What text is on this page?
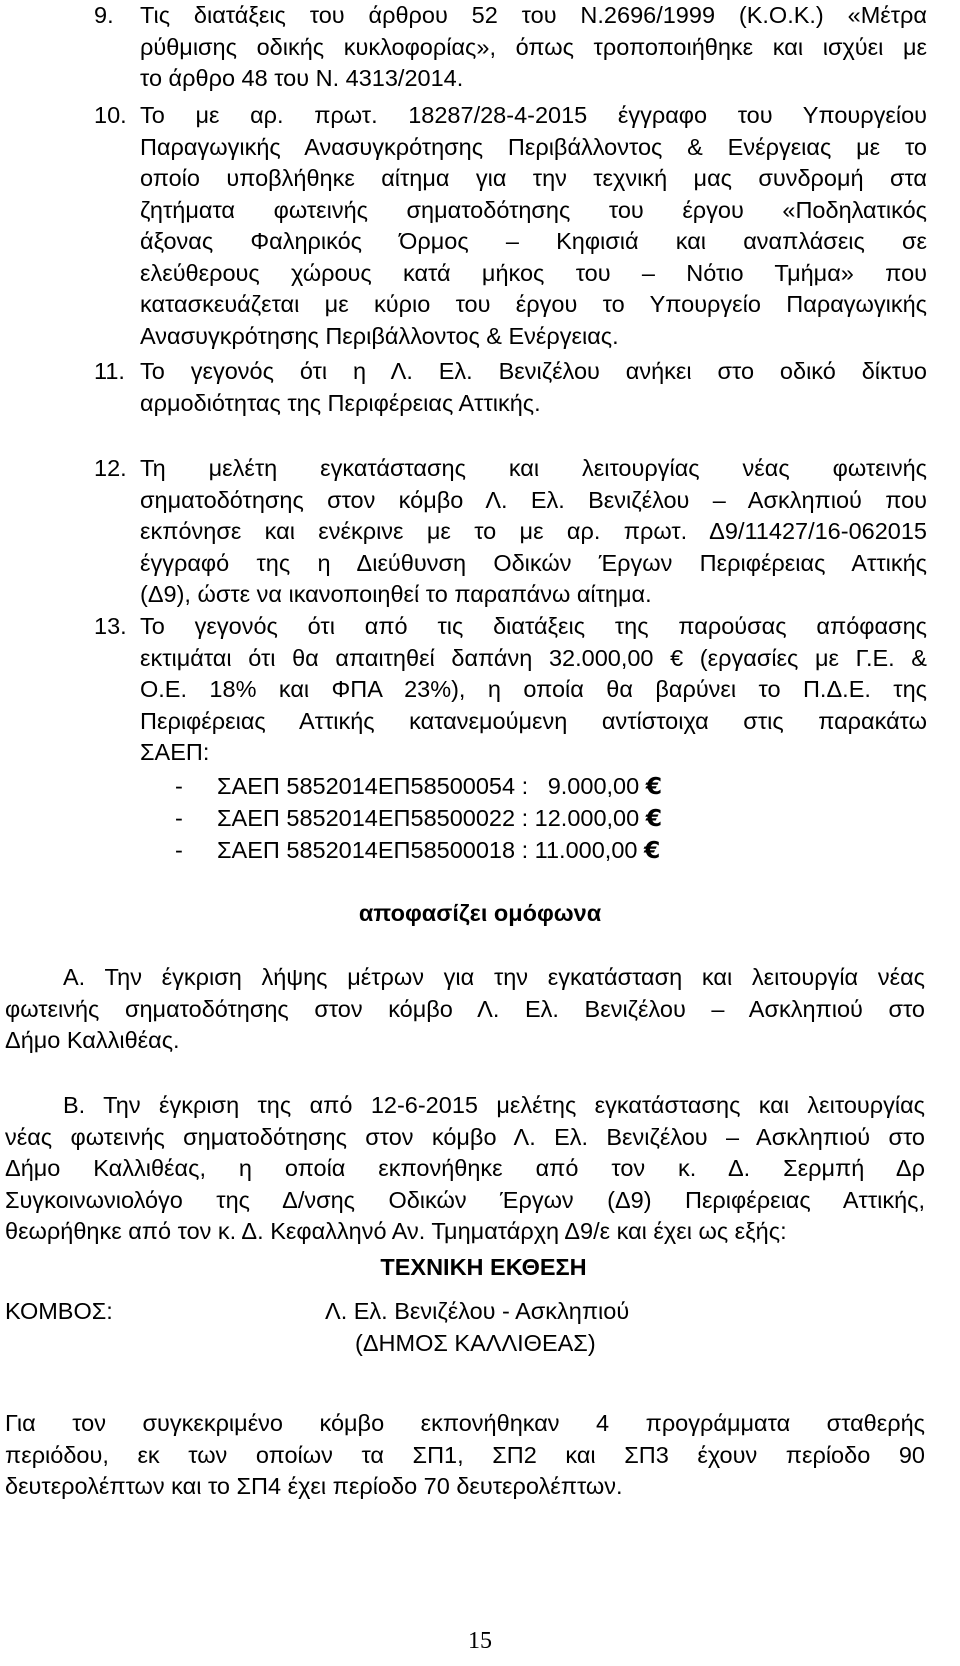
9. Τις διατάξεις του άρθρου 52 του Ν.2696/1999 (Κ.Ο.Κ.) «Μέτρα
ρύθμισης οδικής κυκλοφορίας», όπως τροποποιήθηκε και ισχύει με
το άρθρο 48 του Ν. 4313/2014.
10. Το με αρ. πρωτ. 18287/28-4-2015 έγγραφο του Υπουργείου
Παραγωγικής Ανασυγκρότησης Περιβάλλοντος & Ενέργειας με το
οποίο υποβλήθηκε αίτημα για την τεχνική μας συνδρομή στα
ζητήματα φωτεινής σηματοδότησης του έργου «Ποδηλατικός
άξονας Φαληρικός Όρμος – Κηφισιά και αναπλάσεις σε
ελεύθερους χώρους κατά μήκος του – Νότιο Τμήμα» που
κατασκευάζεται με κύριο του έργου το Υπουργείο Παραγωγικής
Ανασυγκρότησης Περιβάλλοντος & Ενέργειας.
11. Το γεγονός ότι η Λ. Ελ. Βενιζέλου ανήκει στο οδικό δίκτυο
αρμοδιότητας της Περιφέρειας Αττικής.
12. Τη μελέτη εγκατάστασης και λειτουργίας νέας φωτεινής
σηματοδότησης στον κόμβο Λ. Ελ. Βενιζέλου – Ασκληπιού που
εκπόνησε και ενέκρινε με το με αρ. πρωτ. Δ9/11427/16-062015
έγγραφό της η Διεύθυνση Οδικών Έργων Περιφέρειας Αττικής
(Δ9), ώστε να ικανοποιηθεί το παραπάνω αίτημα.
13. Το γεγονός ότι από τις διατάξεις της παρούσας απόφασης
εκτιμάται ότι θα απαιτηθεί δαπάνη 32.000,00 € (εργασίες με Γ.Ε. &
Ο.Ε. 18% και ΦΠΑ 23%), η οποία θα βαρύνει το Π.Δ.Ε. της
Περιφέρειας Αττικής κατανεμούμενη αντίστοιχα στις παρακάτω
ΣΑΕΠ:
- ΣΑΕΠ 5852014ΕΠ58500054 :   9.000,00 €
- ΣΑΕΠ 5852014ΕΠ58500022 : 12.000,00 €
- ΣΑΕΠ 5852014ΕΠ58500018 : 11.000,00 €
αποφασίζει ομόφωνα
Α. Την έγκριση λήψης μέτρων για την εγκατάσταση και λειτουργία νέας
φωτεινής σηματοδότησης στον κόμβο Λ. Ελ. Βενιζέλου – Ασκληπιού στο
Δήμο Καλλιθέας.
Β. Την έγκριση της από 12-6-2015 μελέτης εγκατάστασης και λειτουργίας
νέας φωτεινής σηματοδότησης στον κόμβο Λ. Ελ. Βενιζέλου – Ασκληπιού στο
Δήμο Καλλιθέας, η οποία εκπονήθηκε από τον κ. Δ. Σερμπή Δρ
Συγκοινωνιολόγο της Δ/νσης Οδικών Έργων (Δ9) Περιφέρειας Αττικής,
θεωρήθηκε από τον κ. Δ. Κεφαλληνό Αν. Τμηματάρχη Δ9/ε και έχει ως εξής:
ΤΕΧΝΙΚΗ ΕΚΘΕΣΗ
ΚΟΜΒΟΣ:	Λ. Ελ. Βενιζέλου - Ασκληπιού
(ΔΗΜΟΣ ΚΑΛΛΙΘΕΑΣ)
Για τον συγκεκριμένο κόμβο εκπονήθηκαν 4 προγράμματα σταθερής
περιόδου, εκ των οποίων τα ΣΠ1, ΣΠ2 και ΣΠ3 έχουν περίοδο 90
δευτερολέπτων και το ΣΠ4 έχει περίοδο 70 δευτερολέπτων.
15
